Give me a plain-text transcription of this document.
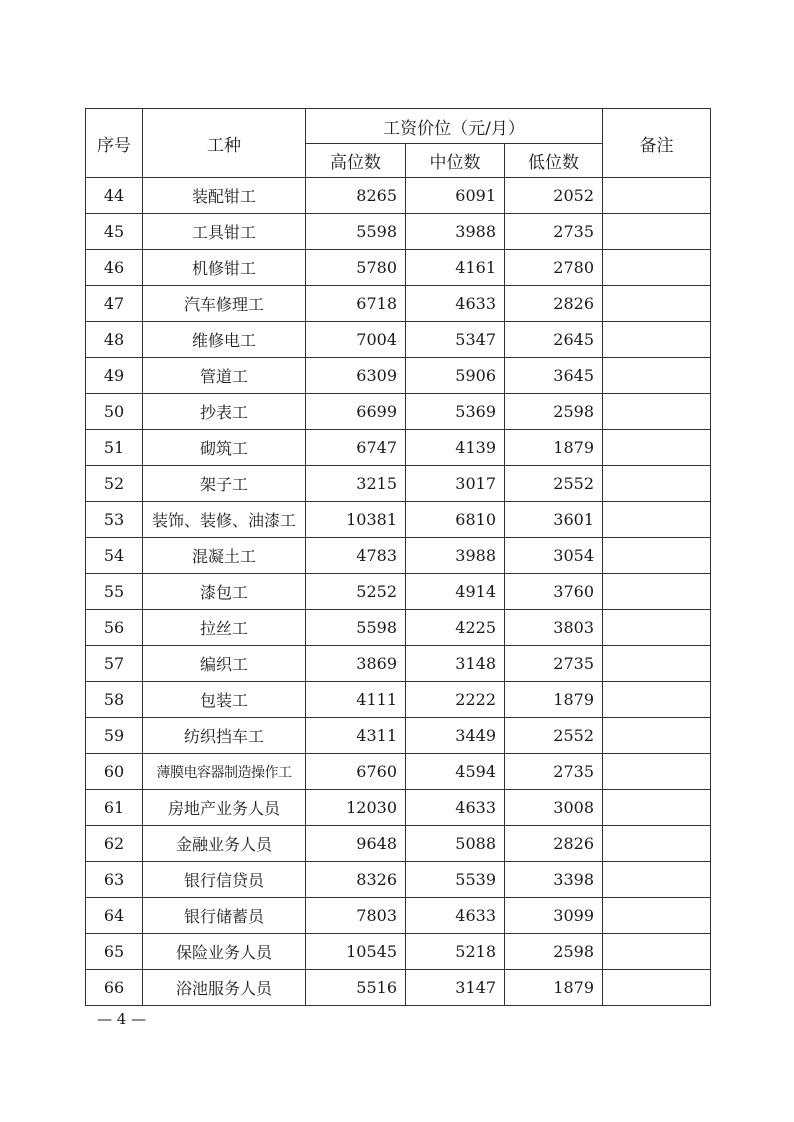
序号	工种	工资价位（元/月）			备注
		高位数	中位数	低位数	
44	装配钳工	8265	6091	2052	
45	工具钳工	5598	3988	2735	
46	机修钳工	5780	4161	2780	
47	汽车修理工	6718	4633	2826	
48	维修电工	7004	5347	2645	
49	管道工	6309	5906	3645	
50	抄表工	6699	5369	2598	
51	砌筑工	6747	4139	1879	
52	架子工	3215	3017	2552	
53	装饰、装修、油漆工	10381	6810	3601	
54	混凝土工	4783	3988	3054	
55	漆包工	5252	4914	3760	
56	拉丝工	5598	4225	3803	
57	编织工	3869	3148	2735	
58	包装工	4111	2222	1879	
59	纺织挡车工	4311	3449	2552	
60	薄膜电容器制造操作工	6760	4594	2735	
61	房地产业务人员	12030	4633	3008	
62	金融业务人员	9648	5088	2826	
63	银行信贷员	8326	5539	3398	
64	银行储蓄员	7803	4633	3099	
65	保险业务人员	10545	5218	2598	
66	浴池服务人员	5516	3147	1879	
— 4 —
